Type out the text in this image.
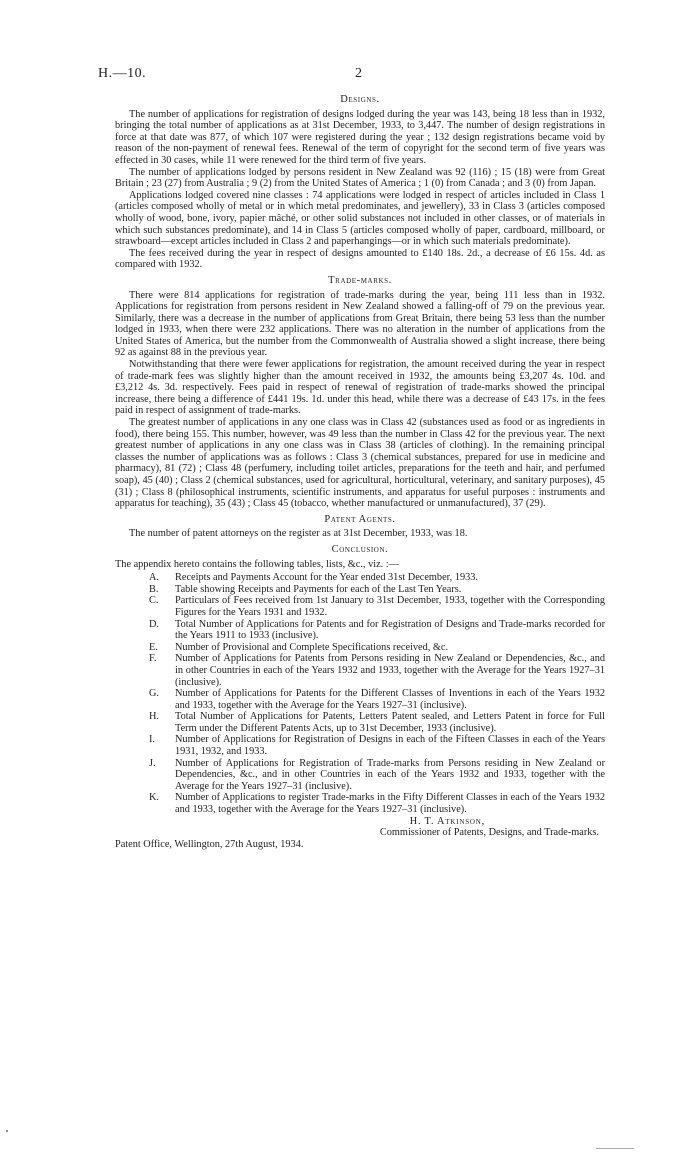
H.—10.	2
Designs.

The number of applications for registration of designs lodged during the year was 143, being 18 less than in 1932, bringing the total number of applications as at 31st December, 1933, to 3,447. The number of design registrations in force at that date was 877, of which 107 were registered during the year ; 132 design registrations became void by reason of the non-payment of renewal fees. Renewal of the term of copyright for the second term of five years was effected in 30 cases, while 11 were renewed for the third term of five years.

The number of applications lodged by persons resident in New Zealand was 92 (116) ; 15 (18) were from Great Britain ; 23 (27) from Australia ; 9 (2) from the United States of America ; 1 (0) from Canada ; and 3 (0) from Japan.

Applications lodged covered nine classes : 74 applications were lodged in respect of articles included in Class 1 (articles composed wholly of metal or in which metal predominates, and jewellery), 33 in Class 3 (articles composed wholly of wood, bone, ivory, papier mâché, or other solid substances not included in other classes, or of materials in which such substances predominate), and 14 in Class 5 (articles composed wholly of paper, cardboard, millboard, or strawboard—except articles included in Class 2 and paperhangings—or in which such materials predominate).

The fees received during the year in respect of designs amounted to £140 18s. 2d., a decrease of £6 15s. 4d. as compared with 1932.

Trade-marks.

There were 814 applications for registration of trade-marks during the year, being 111 less than in 1932. Applications for registration from persons resident in New Zealand showed a falling-off of 79 on the previous year. Similarly, there was a decrease in the number of applications from Great Britain, there being 53 less than the number lodged in 1933, when there were 232 applications. There was no alteration in the number of applications from the United States of America, but the number from the Commonwealth of Australia showed a slight increase, there being 92 as against 88 in the previous year.

Notwithstanding that there were fewer applications for registration, the amount received during the year in respect of trade-mark fees was slightly higher than the amount received in 1932, the amounts being £3,207 4s. 10d. and £3,212 4s. 3d. respectively. Fees paid in respect of renewal of registration of trade-marks showed the principal increase, there being a difference of £441 19s. 1d. under this head, while there was a decrease of £43 17s. in the fees paid in respect of assignment of trade-marks.

The greatest number of applications in any one class was in Class 42 (substances used as food or as ingredients in food), there being 155. This number, however, was 49 less than the number in Class 42 for the previous year. The next greatest number of applications in any one class was in Class 38 (articles of clothing). In the remaining principal classes the number of applications was as follows : Class 3 (chemical substances, prepared for use in medicine and pharmacy), 81 (72) ; Class 48 (perfumery, including toilet articles, preparations for the teeth and hair, and perfumed soap), 45 (40) ; Class 2 (chemical substances, used for agricultural, horticultural, veterinary, and sanitary purposes), 45 (31) ; Class 8 (philosophical instruments, scientific instruments, and apparatus for useful purposes : instruments and apparatus for teaching), 35 (43) ; Class 45 (tobacco, whether manufactured or unmanufactured), 37 (29).

Patent Agents.

The number of patent attorneys on the register as at 31st December, 1933, was 18.

Conclusion.

The appendix hereto contains the following tables, lists, &c., viz. :—

A.	Receipts and Payments Account for the Year ended 31st December, 1933.
B.	Table showing Receipts and Payments for each of the Last Ten Years.
C.	Particulars of Fees received from 1st January to 31st December, 1933, together with the Corresponding Figures for the Years 1931 and 1932.
D.	Total Number of Applications for Patents and for Registration of Designs and Trade-marks recorded for the Years 1911 to 1933 (inclusive).
E.	Number of Provisional and Complete Specifications received, &c.
F.	Number of Applications for Patents from Persons residing in New Zealand or Dependencies, &c., and in other Countries in each of the Years 1932 and 1933, together with the Average for the Years 1927–31 (inclusive).
G.	Number of Applications for Patents for the Different Classes of Inventions in each of the Years 1932 and 1933, together with the Average for the Years 1927–31 (inclusive).
H.	Total Number of Applications for Patents, Letters Patent sealed, and Letters Patent in force for Full Term under the Different Patents Acts, up to 31st December, 1933 (inclusive).
I.	Number of Applications for Registration of Designs in each of the Fifteen Classes in each of the Years 1931, 1932, and 1933.
J.	Number of Applications for Registration of Trade-marks from Persons residing in New Zealand or Dependencies, &c., and in other Countries in each of the Years 1932 and 1933, together with the Average for the Years 1927–31 (inclusive).
K.	Number of Applications to register Trade-marks in the Fifty Different Classes in each of the Years 1932 and 1933, together with the Average for the Years 1927–31 (inclusive).
H. T. Atkinson,
Commissioner of Patents, Designs, and Trade-marks.
Patent Office, Wellington, 27th August, 1934.
